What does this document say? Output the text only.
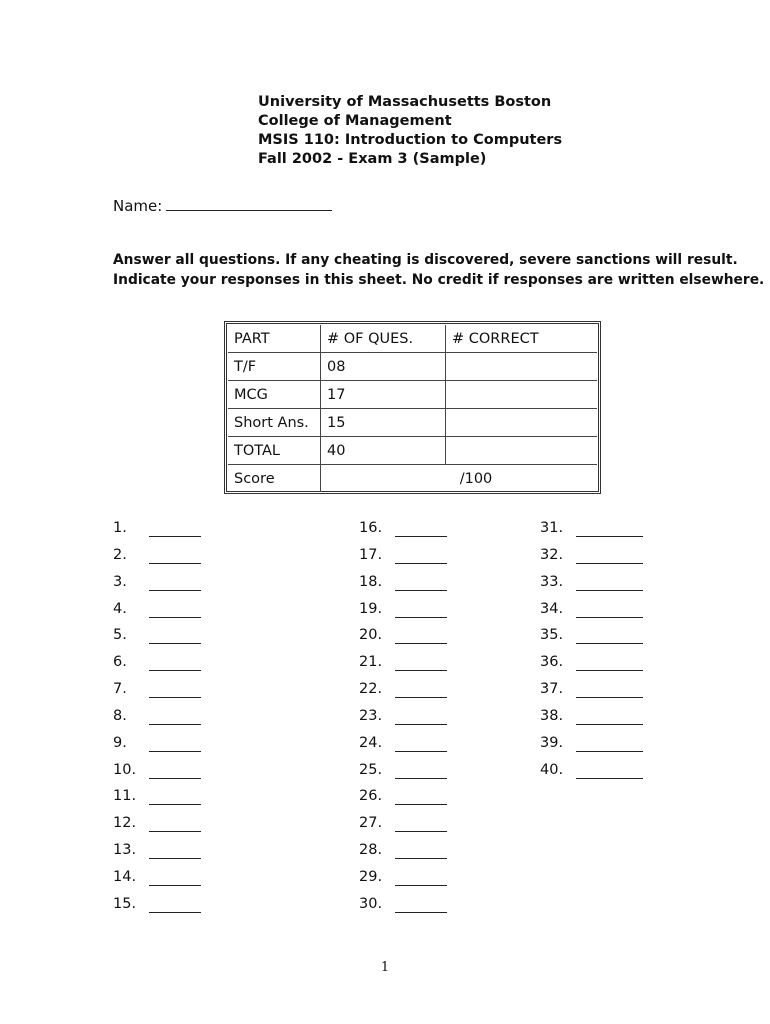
University of Massachusetts Boston
College of Management
MSIS 110: Introduction to Computers
Fall 2002 - Exam 3 (Sample)
Name:
Answer all questions. If any cheating is discovered, severe sanctions will result.
Indicate your responses in this sheet. No credit if responses are written elsewhere.
PART	# OF QUES.	# CORRECT
T/F	08	
MCG	17	
Short Ans.	15	
TOTAL	40	
Score	/100	
1.
2.
3.
4.
5.
6.
7.
8.
9.
10.
11.
12.
13.
14.
15.
16.
17.
18.
19.
20.
21.
22.
23.
24.
25.
26.
27.
28.
29.
30.
31.
32.
33.
34.
35.
36.
37.
38.
39.
40.
1
